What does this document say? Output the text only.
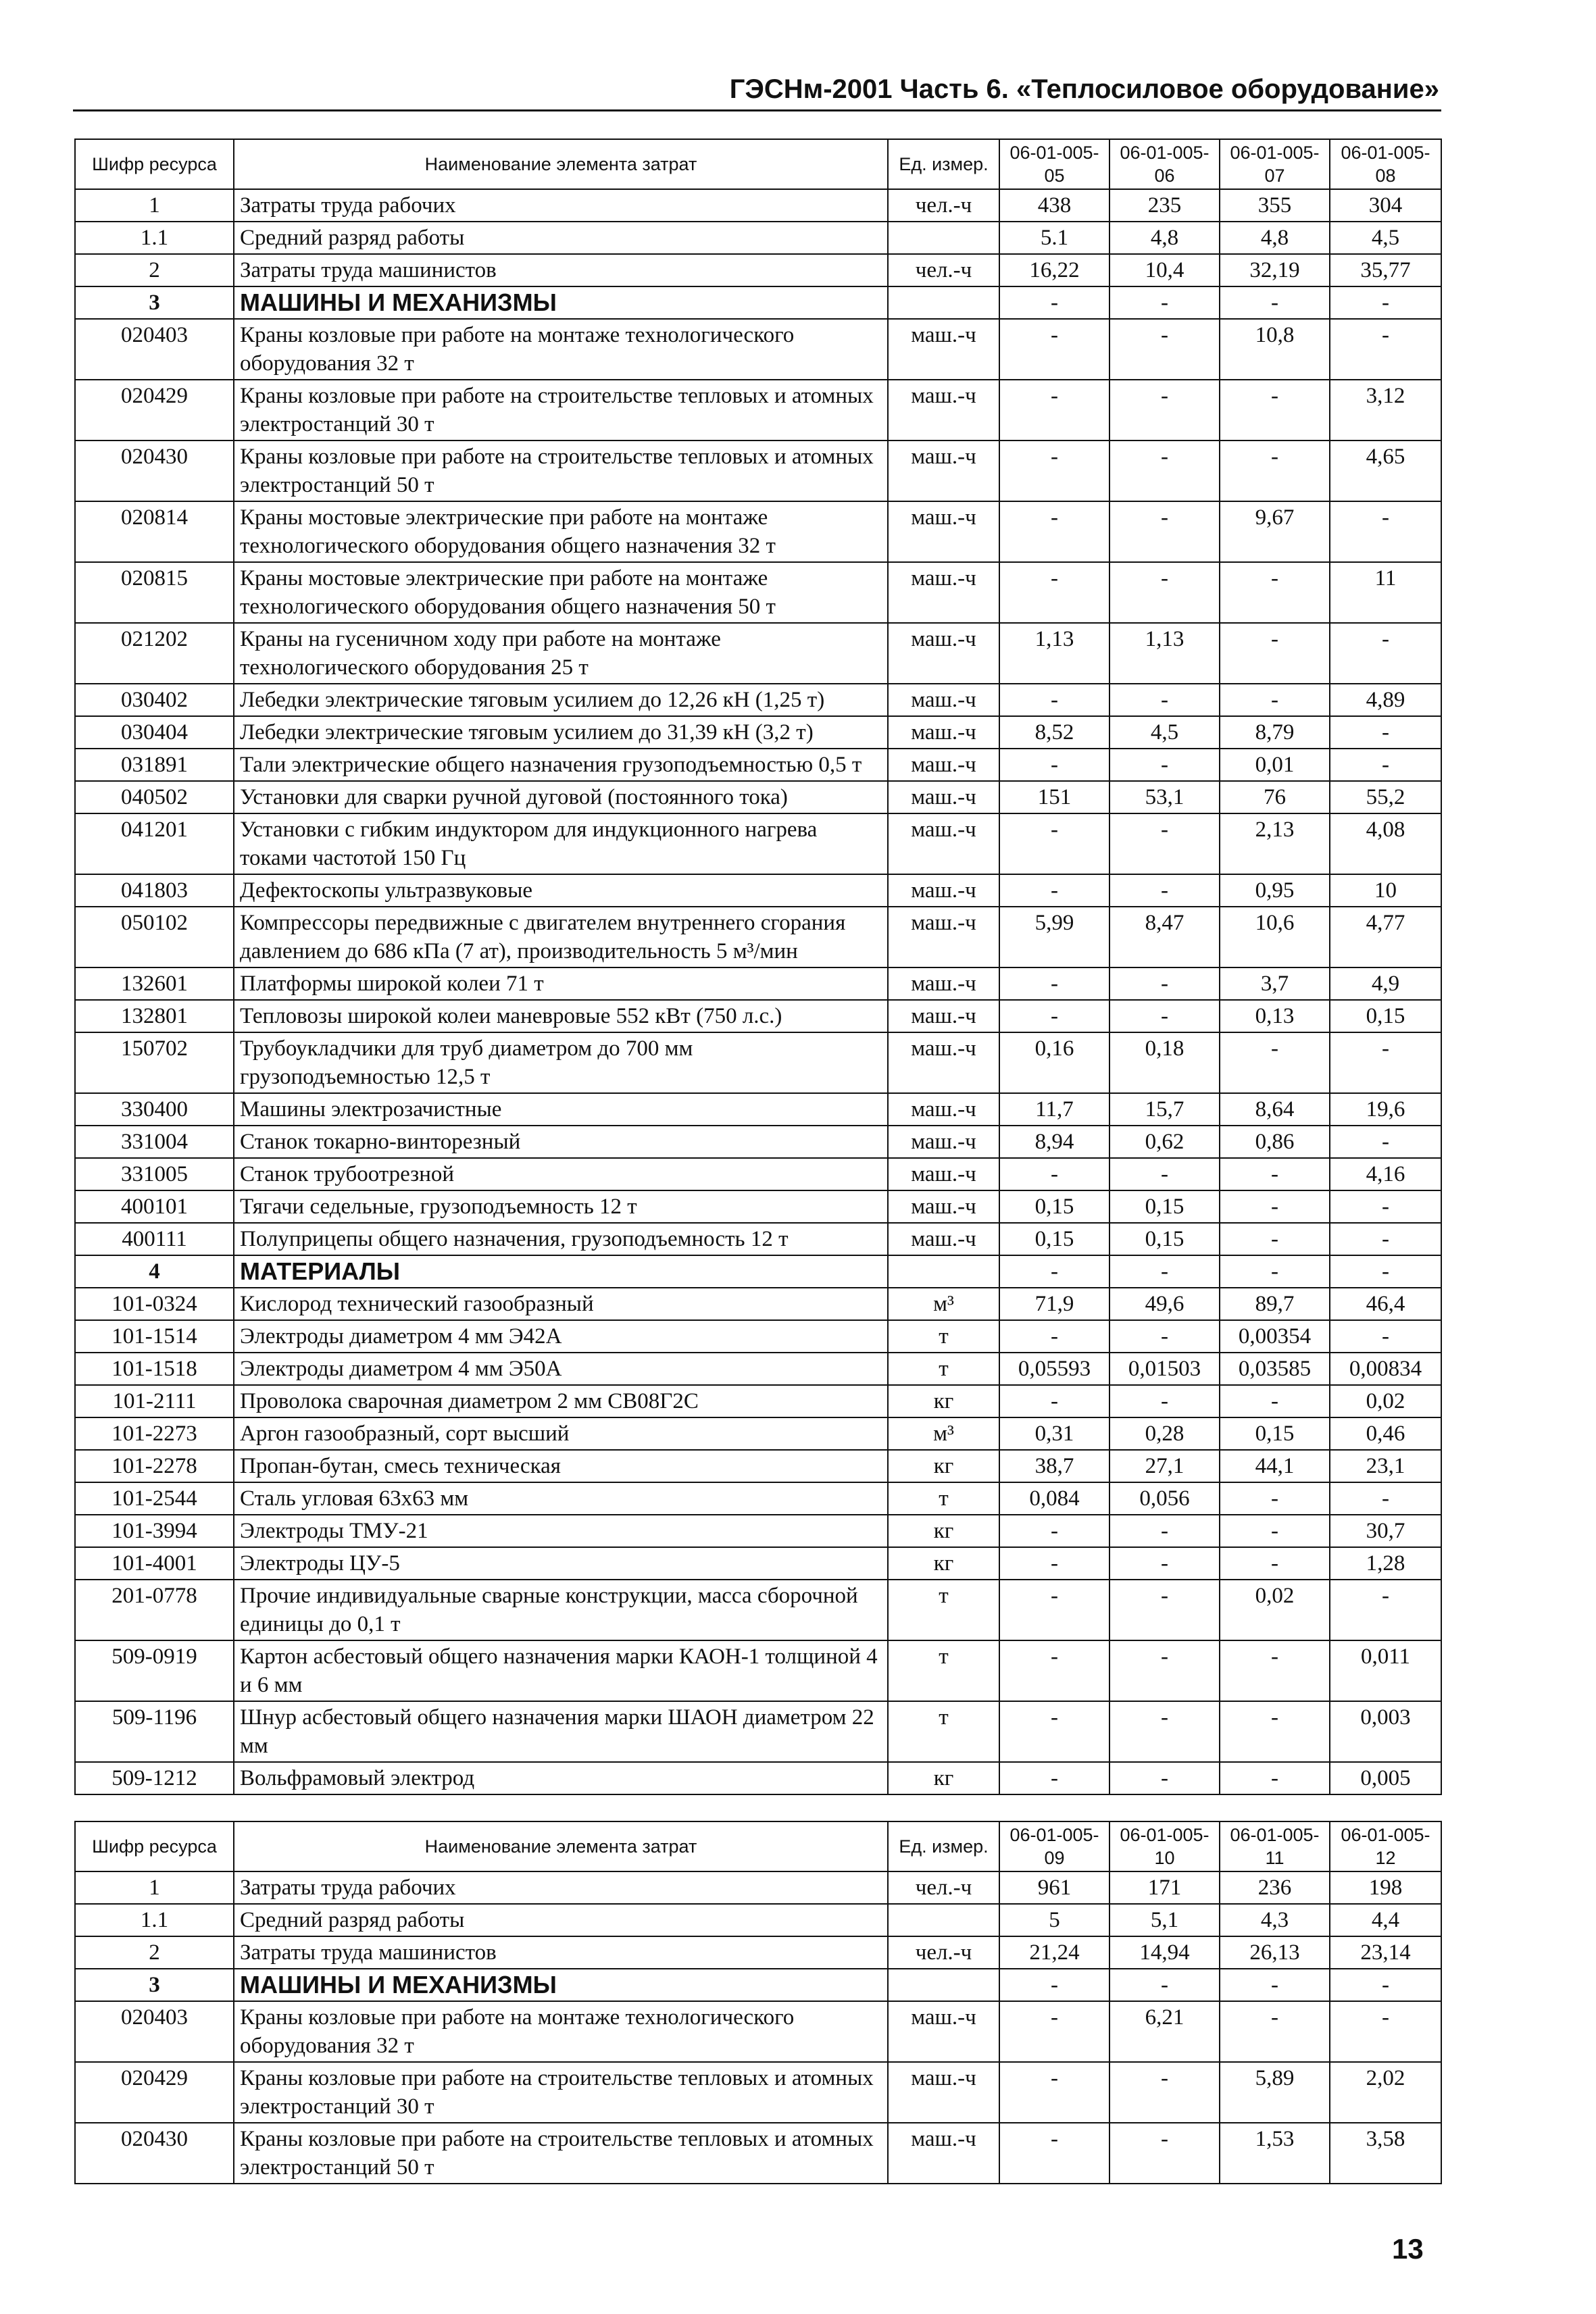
ГЭСНм-2001 Часть 6. «Теплосиловое оборудование»
Шифр ресурса	Наименование элемента затрат	Ед. измер.	06-01-005-05	06-01-005-06	06-01-005-07	06-01-005-08
1	Затраты труда рабочих	чел.-ч	438	235	355	304
1.1	Средний разряд работы		5.1	4,8	4,8	4,5
2	Затраты труда машинистов	чел.-ч	16,22	10,4	32,19	35,77
3	МАШИНЫ И МЕХАНИЗМЫ		-	-	-	-
020403	Краны козловые при работе на монтаже технологического оборудования 32 т	маш.-ч	-	-	10,8	-
020429	Краны козловые при работе на строительстве тепловых и атомных электростанций 30 т	маш.-ч	-	-	-	3,12
020430	Краны козловые при работе на строительстве тепловых и атомных электростанций 50 т	маш.-ч	-	-	-	4,65
020814	Краны мостовые электрические при работе на монтаже технологического оборудования общего назначения 32 т	маш.-ч	-	-	9,67	-
020815	Краны мостовые электрические при работе на монтаже технологического оборудования общего назначения 50 т	маш.-ч	-	-	-	11
021202	Краны на гусеничном ходу при работе на монтаже технологического оборудования 25 т	маш.-ч	1,13	1,13	-	-
030402	Лебедки электрические тяговым усилием до 12,26 кН (1,25 т)	маш.-ч	-	-	-	4,89
030404	Лебедки электрические тяговым усилием до 31,39 кН (3,2 т)	маш.-ч	8,52	4,5	8,79	-
031891	Тали электрические общего назначения грузоподъемностью 0,5 т	маш.-ч	-	-	0,01	-
040502	Установки для сварки ручной дуговой (постоянного тока)	маш.-ч	151	53,1	76	55,2
041201	Установки с гибким индуктором для индукционного нагрева токами частотой 150 Гц	маш.-ч	-	-	2,13	4,08
041803	Дефектоскопы ультразвуковые	маш.-ч	-	-	0,95	10
050102	Компрессоры передвижные с двигателем внутреннего сгорания давлением до 686 кПа (7 ат), производительность 5 м³/мин	маш.-ч	5,99	8,47	10,6	4,77
132601	Платформы широкой колеи 71 т	маш.-ч	-	-	3,7	4,9
132801	Тепловозы широкой колеи маневровые 552 кВт (750 л.с.)	маш.-ч	-	-	0,13	0,15
150702	Трубоукладчики для труб диаметром до 700 мм грузоподъемностью 12,5 т	маш.-ч	0,16	0,18	-	-
330400	Машины электрозачистные	маш.-ч	11,7	15,7	8,64	19,6
331004	Станок токарно-винторезный	маш.-ч	8,94	0,62	0,86	-
331005	Станок трубоотрезной	маш.-ч	-	-	-	4,16
400101	Тягачи седельные, грузоподъемность 12 т	маш.-ч	0,15	0,15	-	-
400111	Полуприцепы общего назначения, грузоподъемность 12 т	маш.-ч	0,15	0,15	-	-
4	МАТЕРИАЛЫ		-	-	-	-
101-0324	Кислород технический газообразный	м³	71,9	49,6	89,7	46,4
101-1514	Электроды диаметром 4 мм Э42А	т	-	-	0,00354	-
101-1518	Электроды диаметром 4 мм Э50А	т	0,05593	0,01503	0,03585	0,00834
101-2111	Проволока сварочная диаметром 2 мм СВ08Г2С	кг	-	-	-	0,02
101-2273	Аргон газообразный, сорт высший	м³	0,31	0,28	0,15	0,46
101-2278	Пропан-бутан, смесь техническая	кг	38,7	27,1	44,1	23,1
101-2544	Сталь угловая 63х63 мм	т	0,084	0,056	-	-
101-3994	Электроды ТМУ-21	кг	-	-	-	30,7
101-4001	Электроды ЦУ-5	кг	-	-	-	1,28
201-0778	Прочие индивидуальные сварные конструкции, масса сборочной единицы до 0,1 т	т	-	-	0,02	-
509-0919	Картон асбестовый общего назначения марки КАОН-1 толщиной 4 и 6 мм	т	-	-	-	0,011
509-1196	Шнур асбестовый общего назначения марки ШАОН диаметром 22 мм	т	-	-	-	0,003
509-1212	Вольфрамовый электрод	кг	-	-	-	0,005
Шифр ресурса	Наименование элемента затрат	Ед. измер.	06-01-005-09	06-01-005-10	06-01-005-11	06-01-005-12
1	Затраты труда рабочих	чел.-ч	961	171	236	198
1.1	Средний разряд работы		5	5,1	4,3	4,4
2	Затраты труда машинистов	чел.-ч	21,24	14,94	26,13	23,14
3	МАШИНЫ И МЕХАНИЗМЫ		-	-	-	-
020403	Краны козловые при работе на монтаже технологического оборудования 32 т	маш.-ч	-	6,21	-	-
020429	Краны козловые при работе на строительстве тепловых и атомных электростанций 30 т	маш.-ч	-	-	5,89	2,02
020430	Краны козловые при работе на строительстве тепловых и атомных электростанций 50 т	маш.-ч	-	-	1,53	3,58
13
